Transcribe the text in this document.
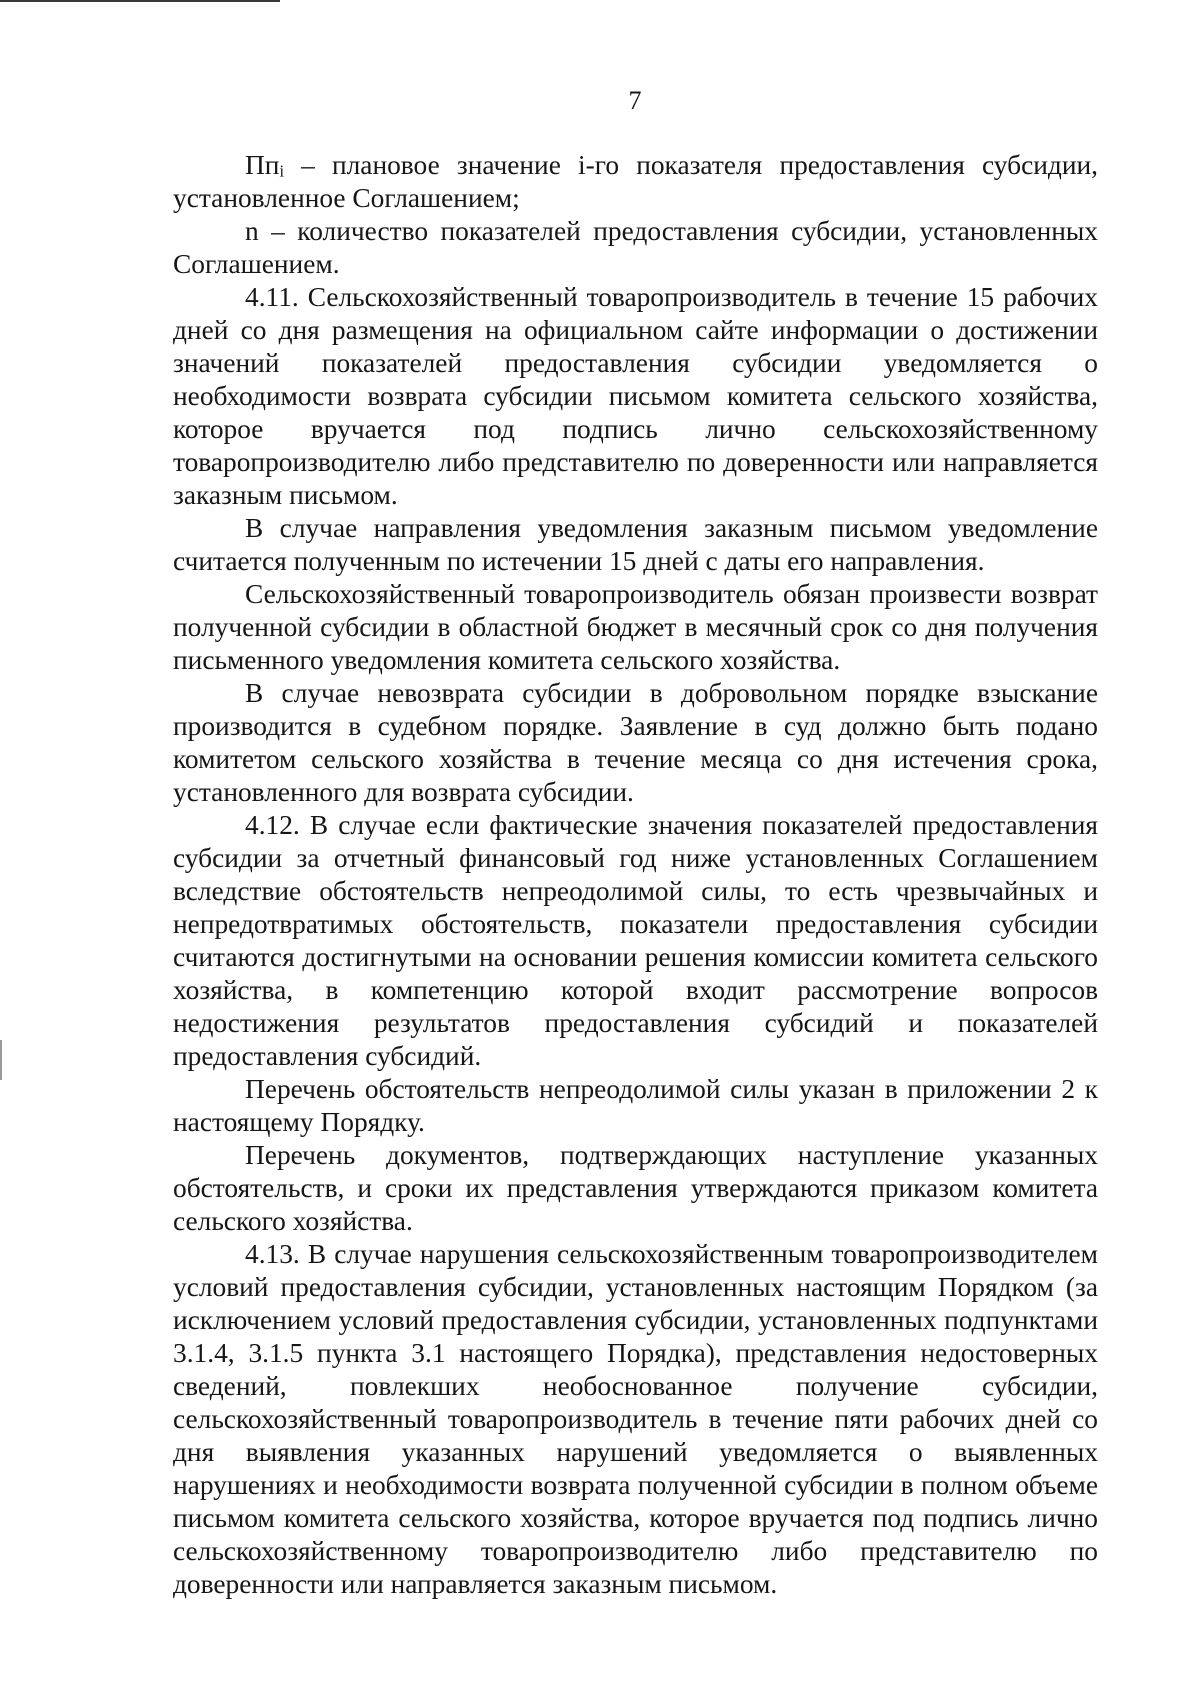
7

Ппᵢ – плановое значение i-го показателя предоставления субсидии, установленное Соглашением;

n – количество показателей предоставления субсидии, установленных Соглашением.

4.11. Сельскохозяйственный товаропроизводитель в течение 15 рабочих дней со дня размещения на официальном сайте информации о достижении значений показателей предоставления субсидии уведомляется о необходимости возврата субсидии письмом комитета сельского хозяйства, которое вручается под подпись лично сельскохозяйственному товаропроизводителю либо представителю по доверенности или направляется заказным письмом.

В случае направления уведомления заказным письмом уведомление считается полученным по истечении 15 дней с даты его направления.

Сельскохозяйственный товаропроизводитель обязан произвести возврат полученной субсидии в областной бюджет в месячный срок со дня получения письменного уведомления комитета сельского хозяйства.

В случае невозврата субсидии в добровольном порядке взыскание производится в судебном порядке. Заявление в суд должно быть подано комитетом сельского хозяйства в течение месяца со дня истечения срока, установленного для возврата субсидии.

4.12. В случае если фактические значения показателей предоставления субсидии за отчетный финансовый год ниже установленных Соглашением вследствие обстоятельств непреодолимой силы, то есть чрезвычайных и непредотвратимых обстоятельств, показатели предоставления субсидии считаются достигнутыми на основании решения комиссии комитета сельского хозяйства, в компетенцию которой входит рассмотрение вопросов недостижения результатов предоставления субсидий и показателей предоставления субсидий.

Перечень обстоятельств непреодолимой силы указан в приложении 2 к настоящему Порядку.

Перечень документов, подтверждающих наступление указанных обстоятельств, и сроки их представления утверждаются приказом комитета сельского хозяйства.

4.13. В случае нарушения сельскохозяйственным товаропроизводителем условий предоставления субсидии, установленных настоящим Порядком (за исключением условий предоставления субсидии, установленных подпунктами 3.1.4, 3.1.5 пункта 3.1 настоящего Порядка), представления недостоверных сведений, повлекших необоснованное получение субсидии, сельскохозяйственный товаропроизводитель в течение пяти рабочих дней со дня выявления указанных нарушений уведомляется о выявленных нарушениях и необходимости возврата полученной субсидии в полном объеме письмом комитета сельского хозяйства, которое вручается под подпись лично сельскохозяйственному товаропроизводителю либо представителю по доверенности или направляется заказным письмом.
